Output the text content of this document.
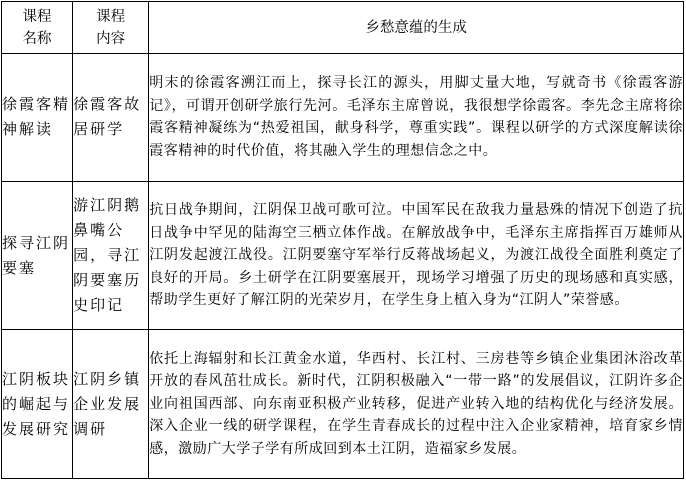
课程名称	课程内容	乡愁意蕴的生成

徐霞客精神解读	徐霞客故居研学	明末的徐霞客溯江而上，探寻长江的源头，用脚丈量大地，写就奇书《徐霞客游记》，可谓开创研学旅行先河。毛泽东主席曾说，我很想学徐霞客。李先念主席将徐霞客精神凝练为“热爱祖国，献身科学，尊重实践”。课程以研学的方式深度解读徐霞客精神的时代价值，将其融入学生的理想信念之中。

探寻江阴要塞	游江阴鹅鼻嘴公园，寻江阴要塞历史印记	抗日战争期间，江阴保卫战可歌可泣。中国军民在敌我力量悬殊的情况下创造了抗日战争中罕见的陆海空三栖立体作战。在解放战争中，毛泽东主席指挥百万雄师从江阴发起渡江战役。江阴要塞守军举行反蒋战场起义，为渡江战役全面胜利奠定了良好的开局。乡土研学在江阴要塞展开，现场学习增强了历史的现场感和真实感，帮助学生更好了解江阴的光荣岁月，在学生身上植入身为“江阴人”荣誉感。

江阴板块的崛起与发展研究	江阴乡镇企业发展调研	依托上海辐射和长江黄金水道，华西村、长江村、三房巷等乡镇企业集团沐浴改革开放的春风茁壮成长。新时代，江阴积极融入“一带一路”的发展倡议，江阴许多企业向祖国西部、向东南亚积极产业转移，促进产业转入地的结构优化与经济发展。深入企业一线的研学课程，在学生青春成长的过程中注入企业家精神，培育家乡情感，激励广大学子学有所成回到本土江阴，造福家乡发展。
